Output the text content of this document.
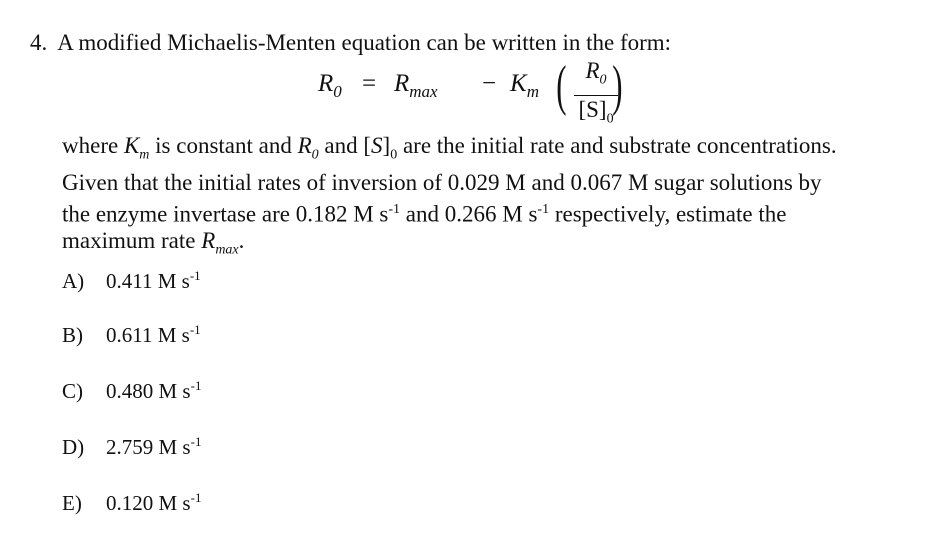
4. A modified Michaelis-Menten equation can be written in the form:
$R_0 = R_{max} - K_m$ ( $R_0$
$[S]_0$
)
where $K_m$ is constant and $R_0$ and $[S]_0$ are the initial rate and substrate concentrations.
Given that the initial rates of inversion of 0.029 M and 0.067 M sugar solutions by
the enzyme invertase are 0.182 M $s^{-1}$ and 0.266 M $s^{-1}$ respectively, estimate the
maximum rate $R_{max}$.
A) 0.411 M $s^{-1}$
B) 0.611 M $s^{-1}$
C) 0.480 M $s^{-1}$
D) 2.759 M $s^{-1}$
E) 0.120 M $s^{-1}$
